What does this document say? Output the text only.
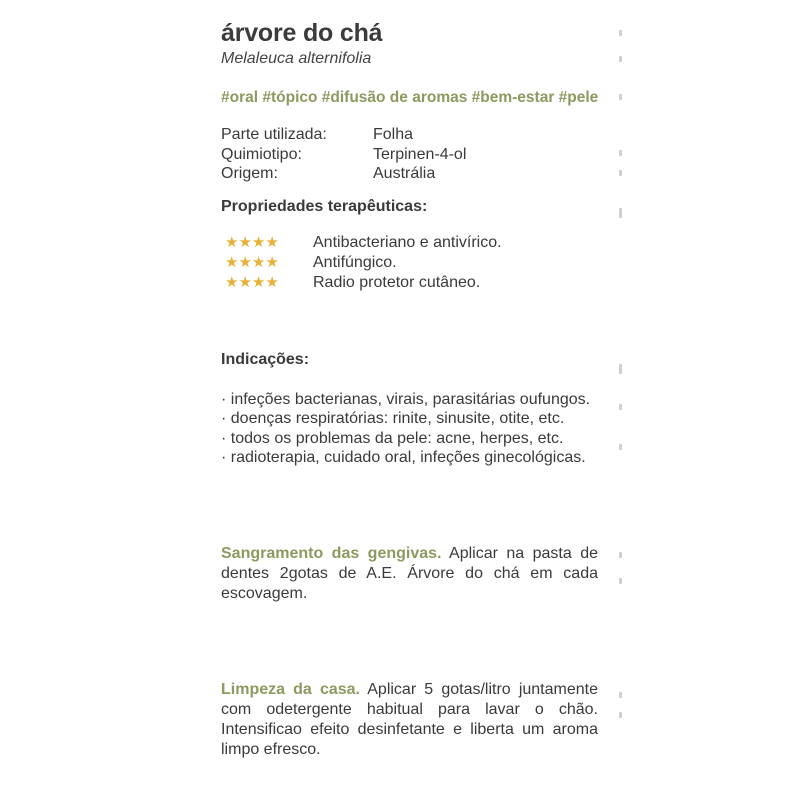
árvore do chá
Melaleuca alternifolia
#oral #tópico #difusão de aromas #bem-estar #pele
Parte utilizada:	Folha
Quimiotipo:	Terpinen-4-ol
Origem:	Austrália
Propriedades terapêuticas:
★★★★	Antibacteriano e antivírico.
★★★★	Antifúngico.
★★★★	Radio protetor cutâneo.
Indicações:
· infeções bacterianas, virais, parasitárias oufungos.
· doenças respiratórias: rinite, sinusite, otite, etc.
· todos os problemas da pele: acne, herpes, etc.
· radioterapia, cuidado oral, infeções ginecológicas.
Sangramento das gengivas. Aplicar na pasta de dentes 2gotas de A.E. Árvore do chá em cada escovagem.
Limpeza da casa. Aplicar 5 gotas/litro juntamente com odetergente habitual para lavar o chão. Intensificao efeito desinfetante e liberta um aroma limpo efresco.
